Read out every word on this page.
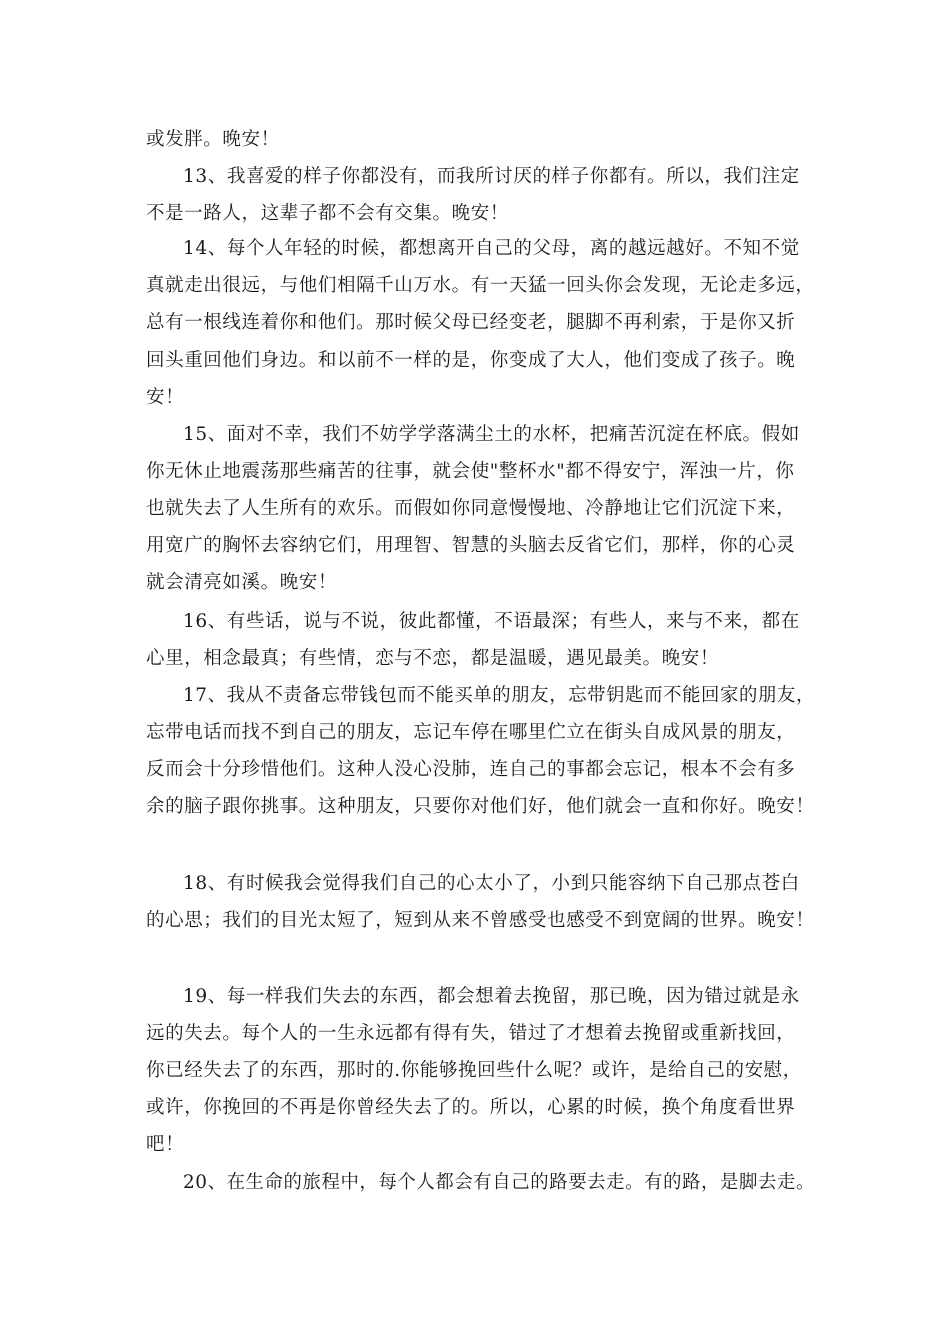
或发胖。晚安！
13、我喜爱的样子你都没有，而我所讨厌的样子你都有。所以，我们注定
不是一路人，这辈子都不会有交集。晚安！
14、每个人年轻的时候，都想离开自己的父母，离的越远越好。不知不觉
真就走出很远，与他们相隔千山万水。有一天猛一回头你会发现，无论走多远，
总有一根线连着你和他们。那时候父母已经变老，腿脚不再利索，于是你又折
回头重回他们身边。和以前不一样的是，你变成了大人，他们变成了孩子。晚
安！
15、面对不幸，我们不妨学学落满尘土的水杯，把痛苦沉淀在杯底。假如
你无休止地震荡那些痛苦的往事，就会使"整杯水"都不得安宁，浑浊一片，你
也就失去了人生所有的欢乐。而假如你同意慢慢地、冷静地让它们沉淀下来，
用宽广的胸怀去容纳它们，用理智、智慧的头脑去反省它们，那样，你的心灵
就会清亮如溪。晚安！
16、有些话，说与不说，彼此都懂，不语最深；有些人，来与不来，都在
心里，相念最真；有些情，恋与不恋，都是温暖，遇见最美。晚安！
17、我从不责备忘带钱包而不能买单的朋友，忘带钥匙而不能回家的朋友，
忘带电话而找不到自己的朋友，忘记车停在哪里伫立在街头自成风景的朋友，
反而会十分珍惜他们。这种人没心没肺，连自己的事都会忘记，根本不会有多
余的脑子跟你挑事。这种朋友，只要你对他们好，他们就会一直和你好。晚安！
18、有时候我会觉得我们自己的心太小了，小到只能容纳下自己那点苍白
的心思；我们的目光太短了，短到从来不曾感受也感受不到宽阔的世界。晚安！
19、每一样我们失去的东西，都会想着去挽留，那已晚，因为错过就是永
远的失去。每个人的一生永远都有得有失，错过了才想着去挽留或重新找回，
你已经失去了的东西，那时的.你能够挽回些什么呢？或许，是给自己的安慰，
或许，你挽回的不再是你曾经失去了的。所以，心累的时候，换个角度看世界
吧！
20、在生命的旅程中，每个人都会有自己的路要去走。有的路，是脚去走。
